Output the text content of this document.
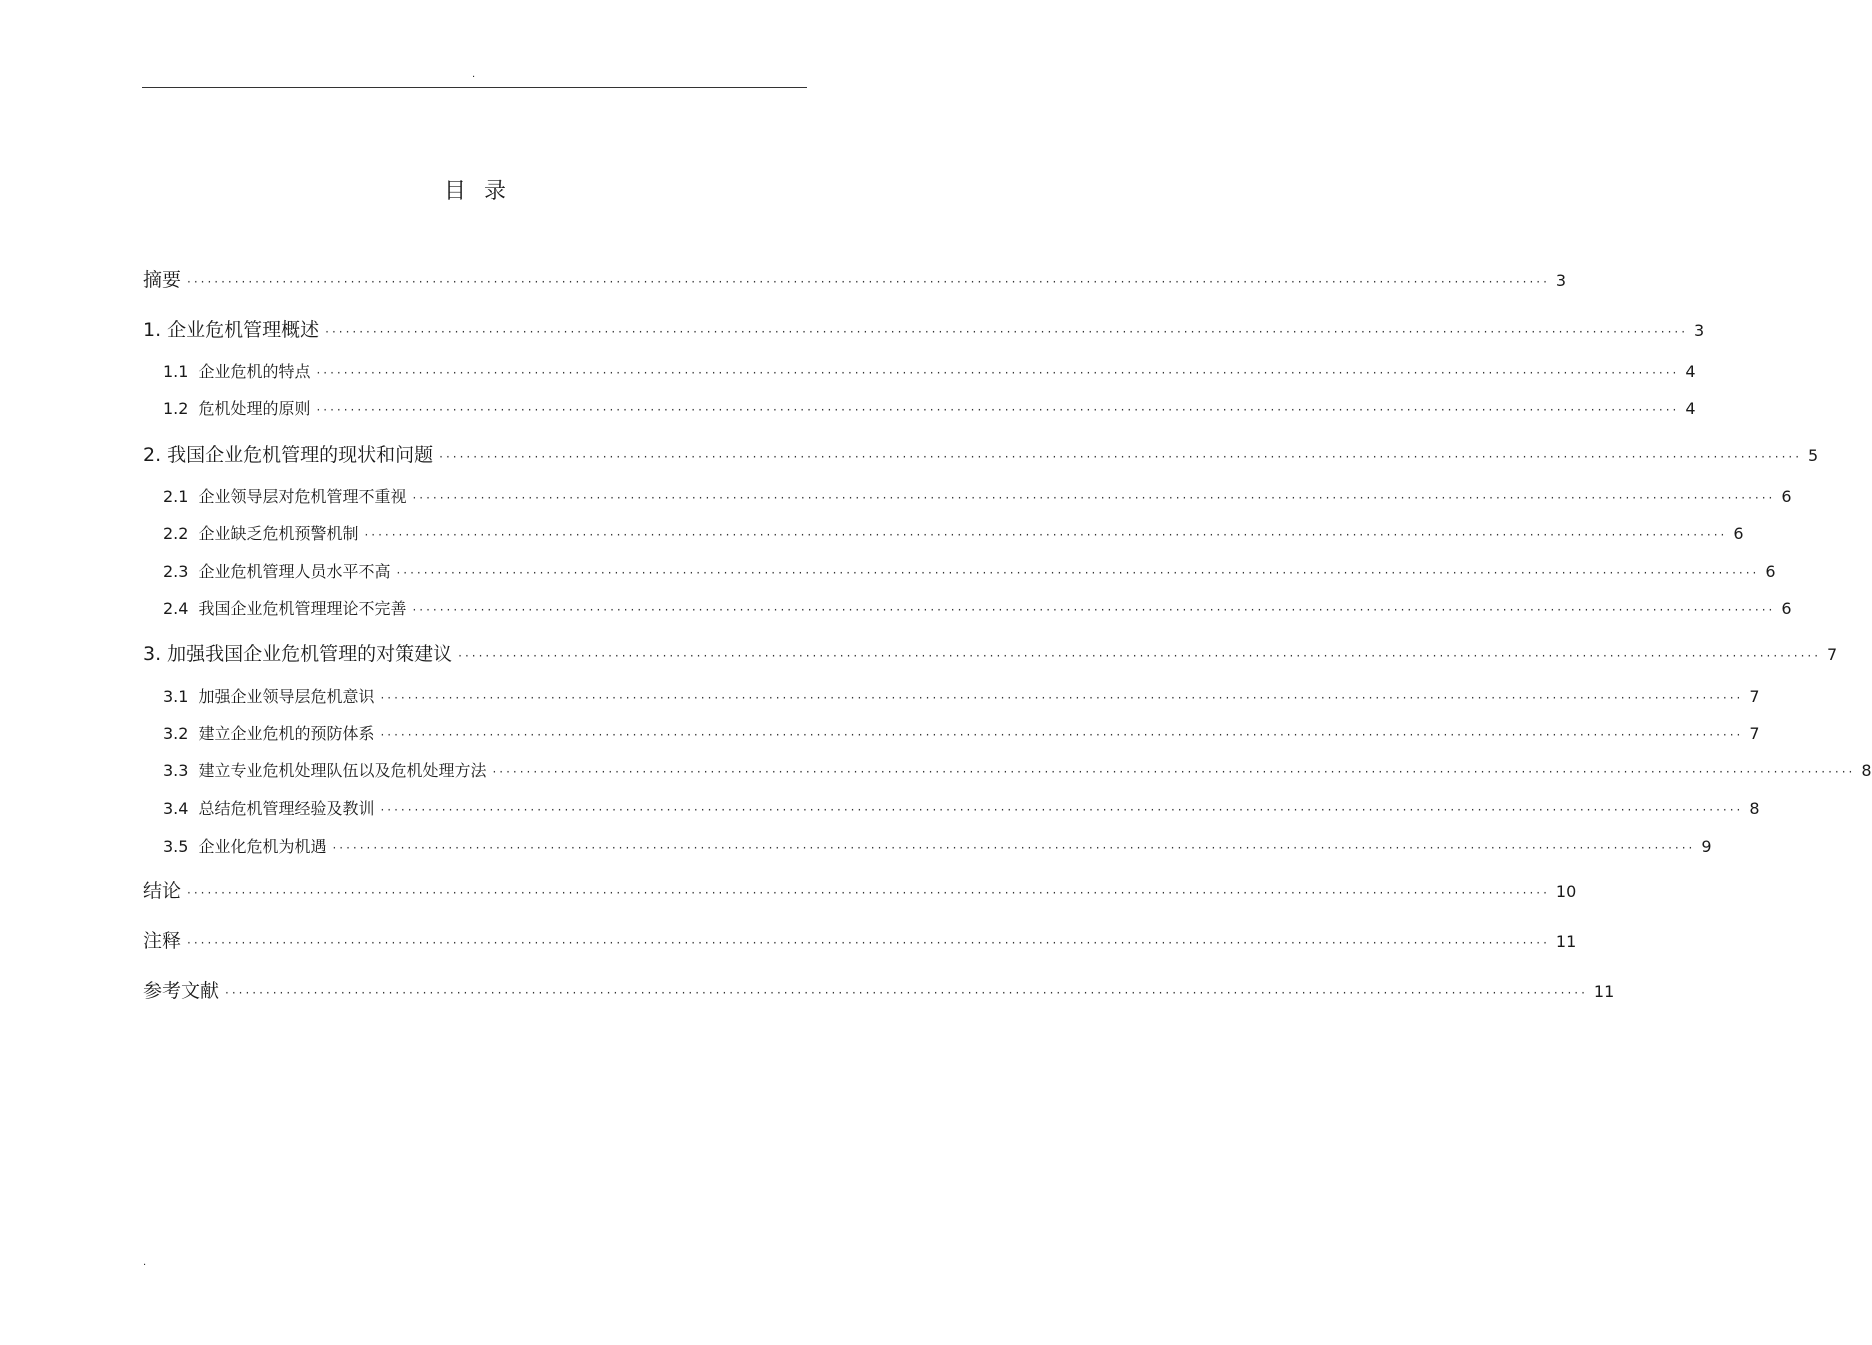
.
目 录
摘要 ········································································································································································································ 3
1. 企业危机管理概述 ········································································································································································································ 3
1.1 企业危机的特点 ········································································································································································································ 4
1.2 危机处理的原则 ········································································································································································································ 4
2. 我国企业危机管理的现状和问题 ········································································································································································································ 5
2.1 企业领导层对危机管理不重视 ········································································································································································································ 6
2.2 企业缺乏危机预警机制 ········································································································································································································ 6
2.3 企业危机管理人员水平不高 ········································································································································································································ 6
2.4 我国企业危机管理理论不完善 ········································································································································································································ 6
3. 加强我国企业危机管理的对策建议 ········································································································································································································ 7
3.1 加强企业领导层危机意识 ········································································································································································································ 7
3.2 建立企业危机的预防体系 ········································································································································································································ 7
3.3 建立专业危机处理队伍以及危机处理方法 ········································································································································································································ 8
3.4 总结危机管理经验及教训 ········································································································································································································ 8
3.5 企业化危机为机遇 ········································································································································································································ 9
结论 ········································································································································································································ 10
注释 ········································································································································································································ 11
参考文献 ········································································································································································································ 11
.
